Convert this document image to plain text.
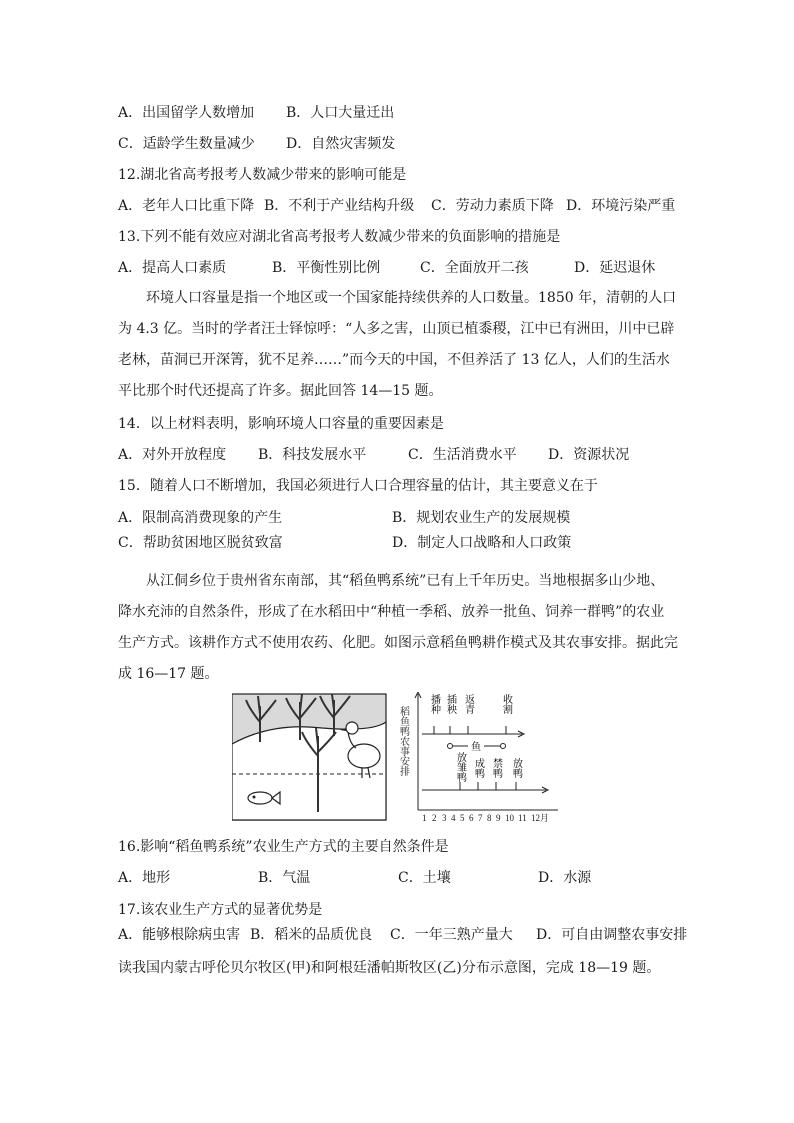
A．出国留学人数增加 B．人口大量迁出
C．适龄学生数量减少 D．自然灾害频发
12.湖北省高考报考人数减少带来的影响可能是
A．老年人口比重下降 B．不利于产业结构升级 C．劳动力素质下降 D．环境污染严重
13.下列不能有效应对湖北省高考报考人数减少带来的负面影响的措施是
A．提高人口素质	B．平衡性别比例	C．全面放开二孩	D．延迟退休
环境人口容量是指一个地区或一个国家能持续供养的人口数量。1850 年，清朝的人口为 4.3 亿。当时的学者汪士铎惊呼：“人多之害，山顶已植黍稷，江中已有洲田，川中已辟老林，苗洞已开深箐，犹不足养……”而今天的中国，不但养活了 13 亿人，人们的生活水平比那个时代还提高了许多。据此回答 14—15 题。
14．以上材料表明，影响环境人口容量的重要因素是
A．对外开放程度 B．科技发展水平	C．生活消费水平 D．资源状况
15．随着人口不断增加，我国必须进行人口合理容量的估计，其主要意义在于
A．限制高消费现象的产生	B．规划农业生产的发展规模
C．帮助贫困地区脱贫致富	D．制定人口战略和人口政策
从江侗乡位于贵州省东南部，其“稻鱼鸭系统”已有上千年历史。当地根据多山少地、降水充沛的自然条件，形成了在水稻田中“种植一季稻、放养一批鱼、饲养一群鸭”的农业生产方式。该耕作方式不使用农药、化肥。如图示意稻鱼鸭耕作模式及其农事安排。据此完成 16—17 题。
稻鱼鸭农事安排
播种 插秧 返青	收割
鱼
放雏鸭 成鸭 禁鸭 放鸭
1 2 3 4 5 6 7 8 9 10 11 12月
16.影响“稻鱼鸭系统”农业生产方式的主要自然条件是
A．地形	B．气温	C．土壤	D．水源
17.该农业生产方式的显著优势是
A．能够根除病虫害 B．稻米的品质优良 C．一年三熟产量大 D．可自由调整农事安排
读我国内蒙古呼伦贝尔牧区(甲)和阿根廷潘帕斯牧区(乙)分布示意图，完成 18—19 题。
